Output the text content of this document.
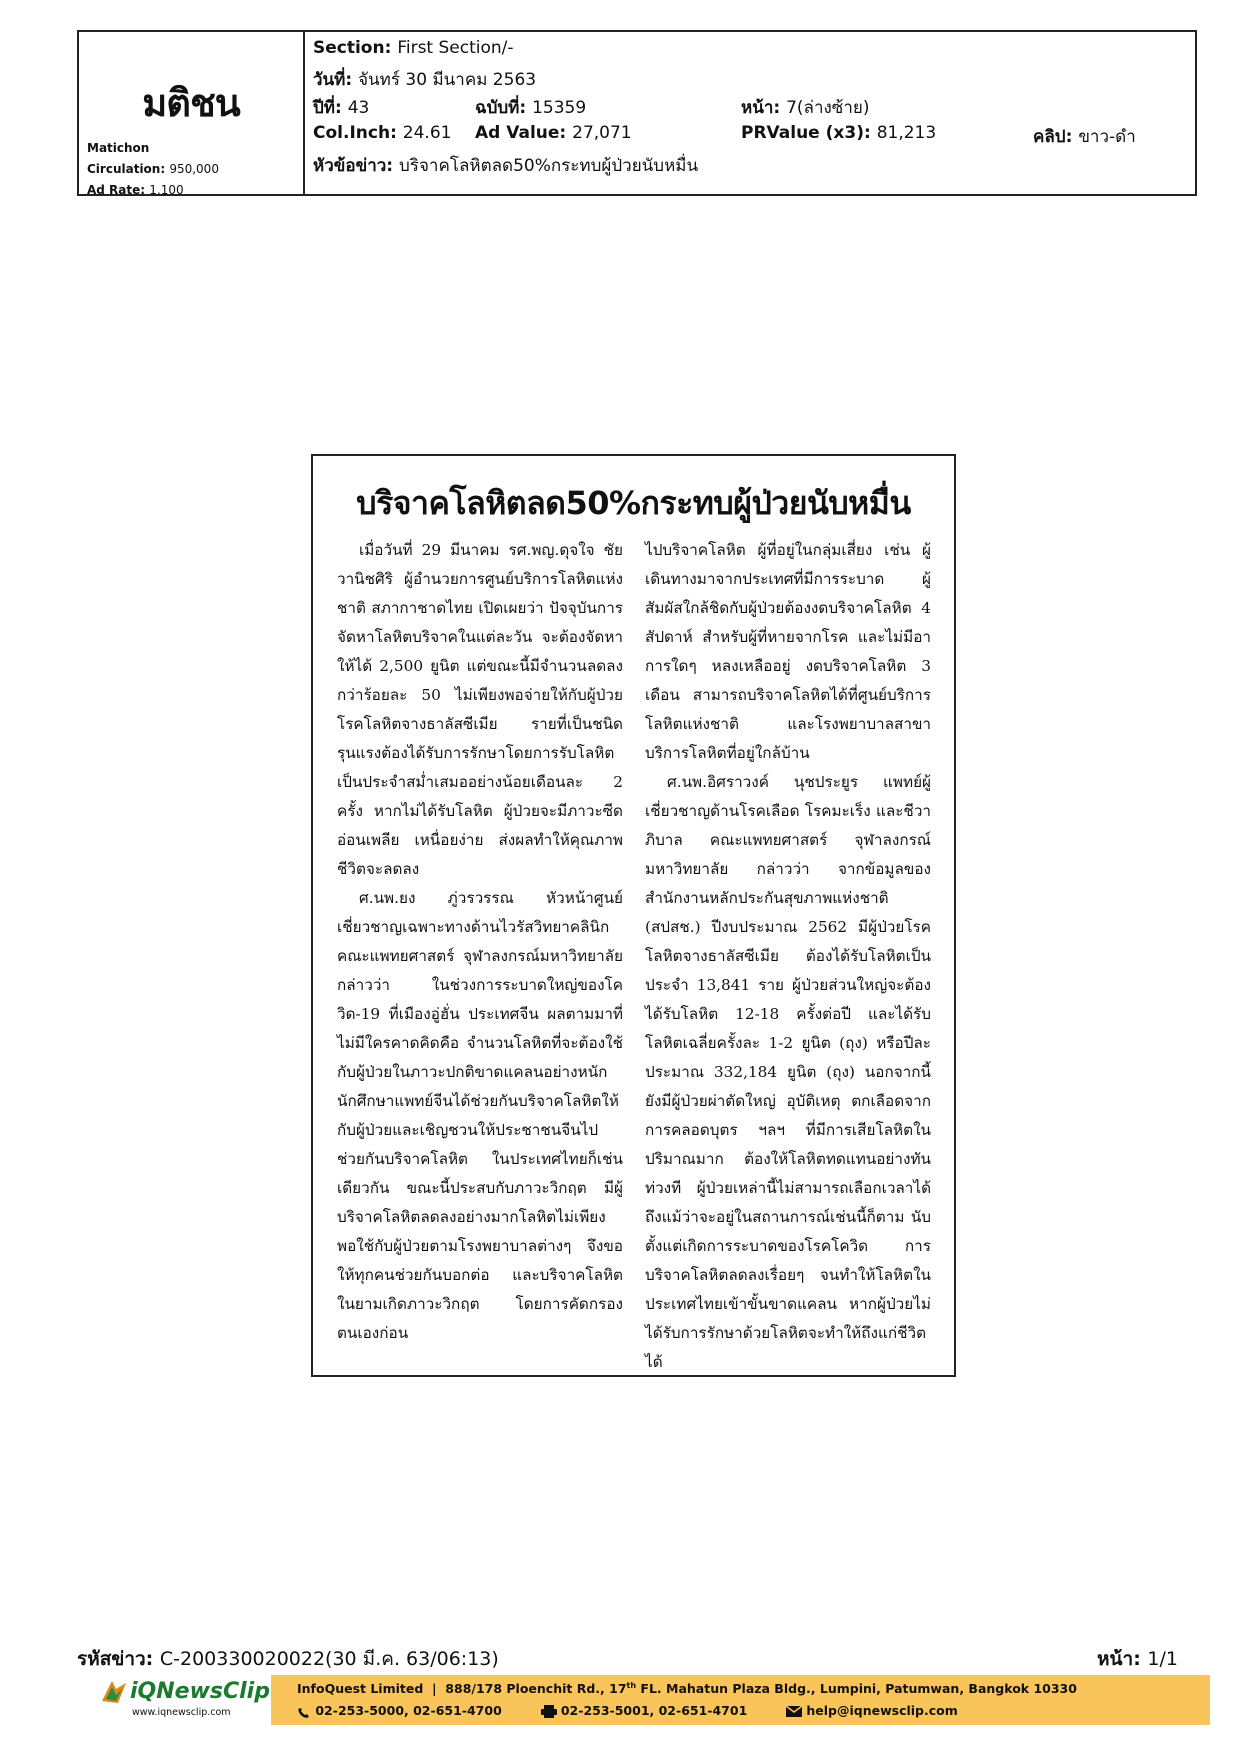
มติชน
Matichon
Circulation: 950,000
Ad Rate: 1,100
Section: First Section/-
วันที่: จันทร์ 30 มีนาคม 2563
ปีที่: 43	ฉบับที่: 15359	หน้า: 7(ล่างซ้าย)
Col.Inch: 24.61 Ad Value: 27,071	PRValue (x3): 81,213	คลิป: ขาว-ดำ
หัวข้อข่าว: บริจาคโลหิตลด50%กระทบผู้ป่วยนับหมื่น
บริจาคโลหิตลด50%กระทบผู้ป่วยนับหมื่น

เมื่อวันที่ 29 มีนาคม รศ.พญ.ดุจใจ ชัยวานิชศิริ ผู้อำนวยการศูนย์บริการโลหิตแห่งชาติ สภากาชาดไทย เปิดเผยว่า ปัจจุบันการจัดหาโลหิตบริจาคในแต่ละวัน จะต้องจัดหาให้ได้ 2,500 ยูนิต แต่ขณะนี้มีจำนวนลดลงกว่าร้อยละ 50 ไม่เพียงพอจ่ายให้กับผู้ป่วยโรคโลหิตจางธาลัสซีเมีย รายที่เป็นชนิดรุนแรงต้องได้รับการรักษาโดยการรับโลหิตเป็นประจำสม่ำเสมออย่างน้อยเดือนละ 2 ครั้ง หากไม่ได้รับโลหิต ผู้ป่วยจะมีภาวะซีด อ่อนเพลีย เหนื่อยง่าย ส่งผลทำให้คุณภาพชีวิตจะลดลง

ศ.นพ.ยง ภู่วรวรรณ หัวหน้าศูนย์เชี่ยวชาญเฉพาะทางด้านไวรัสวิทยาคลินิก คณะแพทยศาสตร์ จุฬาลงกรณ์มหาวิทยาลัย กล่าวว่า ในช่วงการระบาดใหญ่ของโควิด-19 ที่เมืองอู่ฮั่น ประเทศจีน ผลตามมาที่ไม่มีใครคาดคิดคือ จำนวนโลหิตที่จะต้องใช้กับผู้ป่วยในภาวะปกติขาดแคลนอย่างหนัก นักศึกษาแพทย์จีนได้ช่วยกันบริจาคโลหิตให้กับผู้ป่วยและเชิญชวนให้ประชาชนจีนไปช่วยกันบริจาคโลหิต ในประเทศไทยก็เช่นเดียวกัน ขณะนี้ประสบกับภาวะวิกฤต มีผู้บริจาคโลหิตลดลงอย่างมากโลหิตไม่เพียงพอใช้กับผู้ป่วยตามโรงพยาบาลต่างๆ จึงขอให้ทุกคนช่วยกันบอกต่อ และบริจาคโลหิตในยามเกิดภาวะวิกฤต โดยการคัดกรองตนเองก่อน

ไปบริจาคโลหิต ผู้ที่อยู่ในกลุ่มเสี่ยง เช่น ผู้เดินทางมาจากประเทศที่มีการระบาด ผู้สัมผัสใกล้ชิดกับผู้ป่วยต้องงดบริจาคโลหิต 4 สัปดาห์ สำหรับผู้ที่หายจากโรค และไม่มีอาการใดๆ หลงเหลืออยู่ งดบริจาคโลหิต 3 เดือน สามารถบริจาคโลหิตได้ที่ศูนย์บริการโลหิตแห่งชาติ และโรงพยาบาลสาขาบริการโลหิตที่อยู่ใกล้บ้าน

ศ.นพ.อิศราวงค์ นุชประยูร แพทย์ผู้เชี่ยวชาญด้านโรคเลือด โรคมะเร็ง และชีวาภิบาล คณะแพทยศาสตร์ จุฬาลงกรณ์มหาวิทยาลัย กล่าวว่า จากข้อมูลของสำนักงานหลักประกันสุขภาพแห่งชาติ (สปสช.) ปีงบประมาณ 2562 มีผู้ป่วยโรคโลหิตจางธาลัสซีเมีย ต้องได้รับโลหิตเป็นประจำ 13,841 ราย ผู้ป่วยส่วนใหญ่จะต้องได้รับโลหิต 12-18 ครั้งต่อปี และได้รับโลหิตเฉลี่ยครั้งละ 1-2 ยูนิต (ถุง) หรือปีละประมาณ 332,184 ยูนิต (ถุง) นอกจากนี้ ยังมีผู้ป่วยผ่าตัดใหญ่ อุบัติเหตุ ตกเลือดจากการคลอดบุตร ฯลฯ ที่มีการเสียโลหิตในปริมาณมาก ต้องให้โลหิตทดแทนอย่างทันท่วงที ผู้ป่วยเหล่านี้ไม่สามารถเลือกเวลาได้ ถึงแม้ว่าจะอยู่ในสถานการณ์เช่นนี้ก็ตาม นับตั้งแต่เกิดการระบาดของโรคโควิด การบริจาคโลหิตลดลงเรื่อยๆ จนทำให้โลหิตในประเทศไทยเข้าขั้นขาดแคลน หากผู้ป่วยไม่ได้รับการรักษาด้วยโลหิตจะทำให้ถึงแก่ชีวิตได้

รหัสข่าว: C-200330020022(30 มี.ค. 63/06:13)	หน้า: 1/1
iQNewsClip
www.iqnewsclip.com
InfoQuest Limited  |  888/178 Ploenchit Rd., 17th FL. Mahatun Plaza Bldg., Lumpini, Patumwan, Bangkok 10330
02-253-5000, 02-651-4700	02-253-5001, 02-651-4701	help@iqnewsclip.com
